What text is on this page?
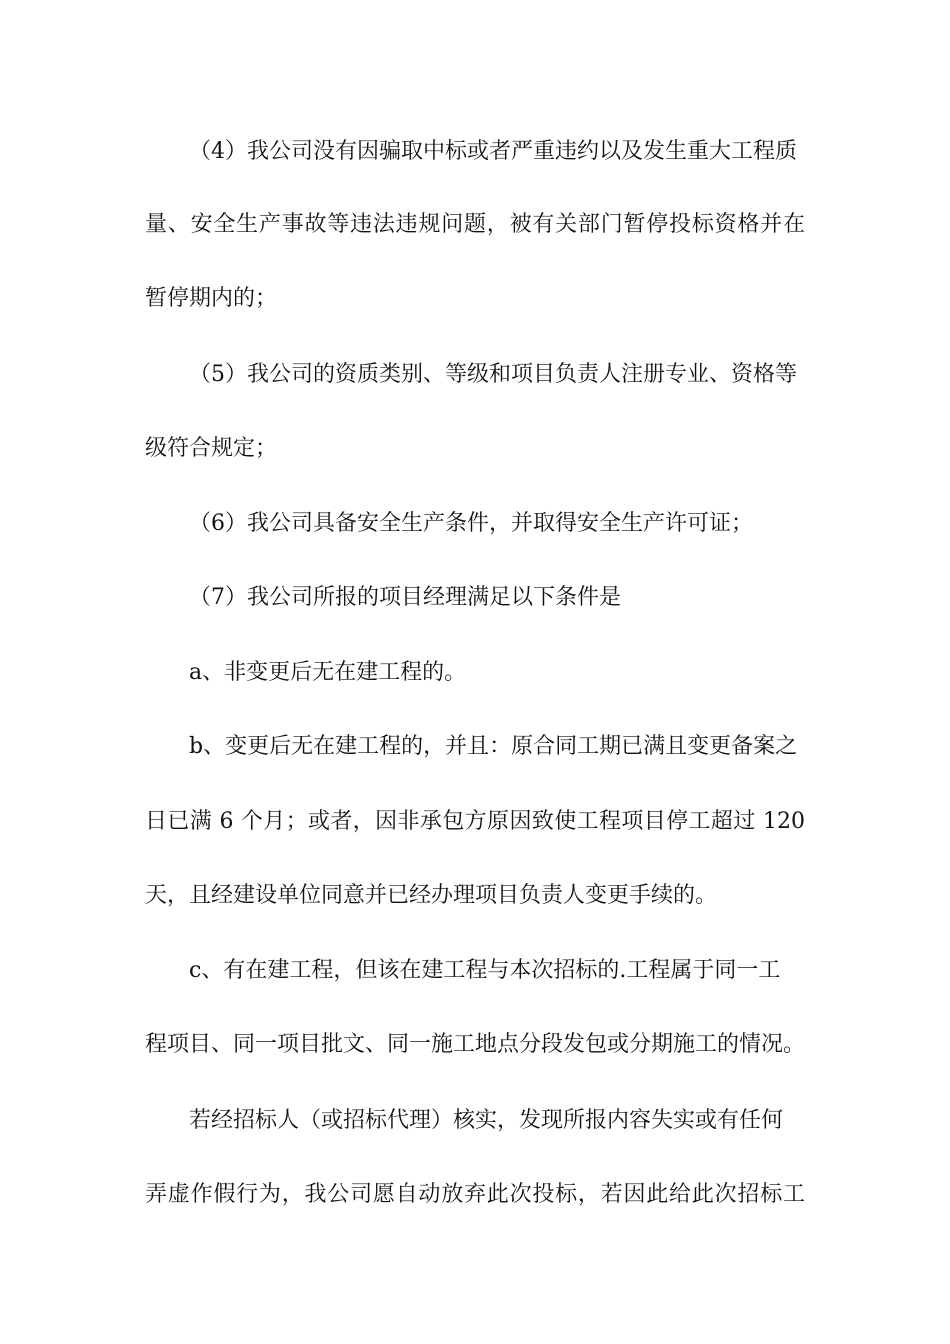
（4）我公司没有因骗取中标或者严重违约以及发生重大工程质
量、安全生产事故等违法违规问题，被有关部门暂停投标资格并在
暂停期内的；
（5）我公司的资质类别、等级和项目负责人注册专业、资格等
级符合规定；
（6）我公司具备安全生产条件，并取得安全生产许可证；
（7）我公司所报的项目经理满足以下条件是
a、非变更后无在建工程的。
b、变更后无在建工程的，并且：原合同工期已满且变更备案之
日已满 6 个月；或者，因非承包方原因致使工程项目停工超过 120
天，且经建设单位同意并已经办理项目负责人变更手续的。
c、有在建工程，但该在建工程与本次招标的.工程属于同一工
程项目、同一项目批文、同一施工地点分段发包或分期施工的情况。
若经招标人（或招标代理）核实，发现所报内容失实或有任何
弄虚作假行为，我公司愿自动放弃此次投标，若因此给此次招标工
